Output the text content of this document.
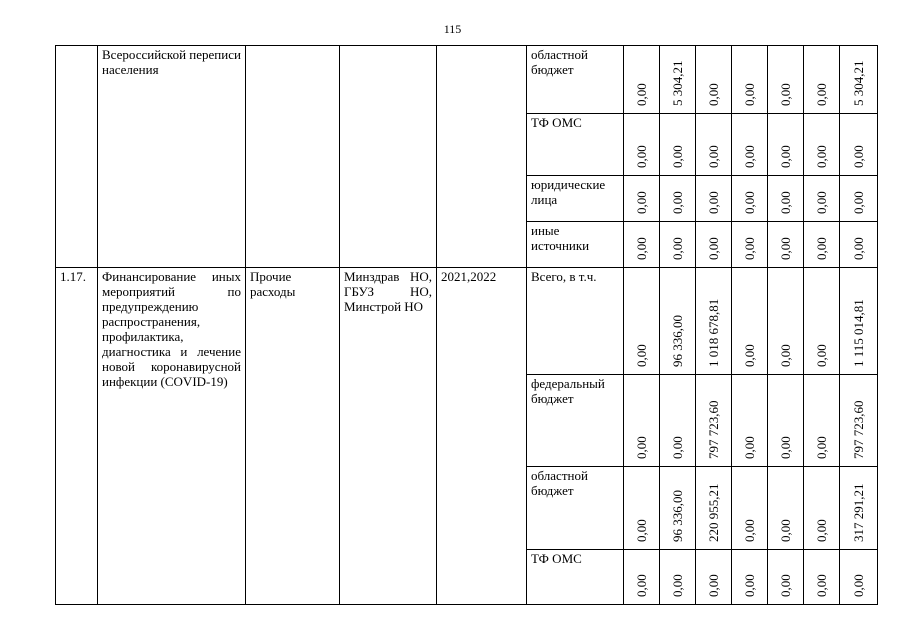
115
	Всероссийской переписи населения				областной бюджет	0,00	5 304,21	0,00	0,00	0,00	0,00	5 304,21

					ТФ ОМС	0,00	0,00	0,00	0,00	0,00	0,00	0,00

					юридические лица	0,00	0,00	0,00	0,00	0,00	0,00	0,00

					иные источники	0,00	0,00	0,00	0,00	0,00	0,00	0,00

1.17.	Финансирование иных мероприятий по предупреждению распространения, профилактика, диагностика и лечение новой коронавирусной инфекции (COVID-19)	Прочие расходы	Минздрав НО, ГБУЗ НО, Минстрой НО	2021,2022	Всего, в т.ч.	0,00	96 336,00	1 018 678,81	0,00	0,00	0,00	1 115 014,81

					федеральный бюджет	0,00	0,00	797 723,60	0,00	0,00	0,00	797 723,60

					областной бюджет	0,00	96 336,00	220 955,21	0,00	0,00	0,00	317 291,21

					ТФ ОМС	0,00	0,00	0,00	0,00	0,00	0,00	0,00
